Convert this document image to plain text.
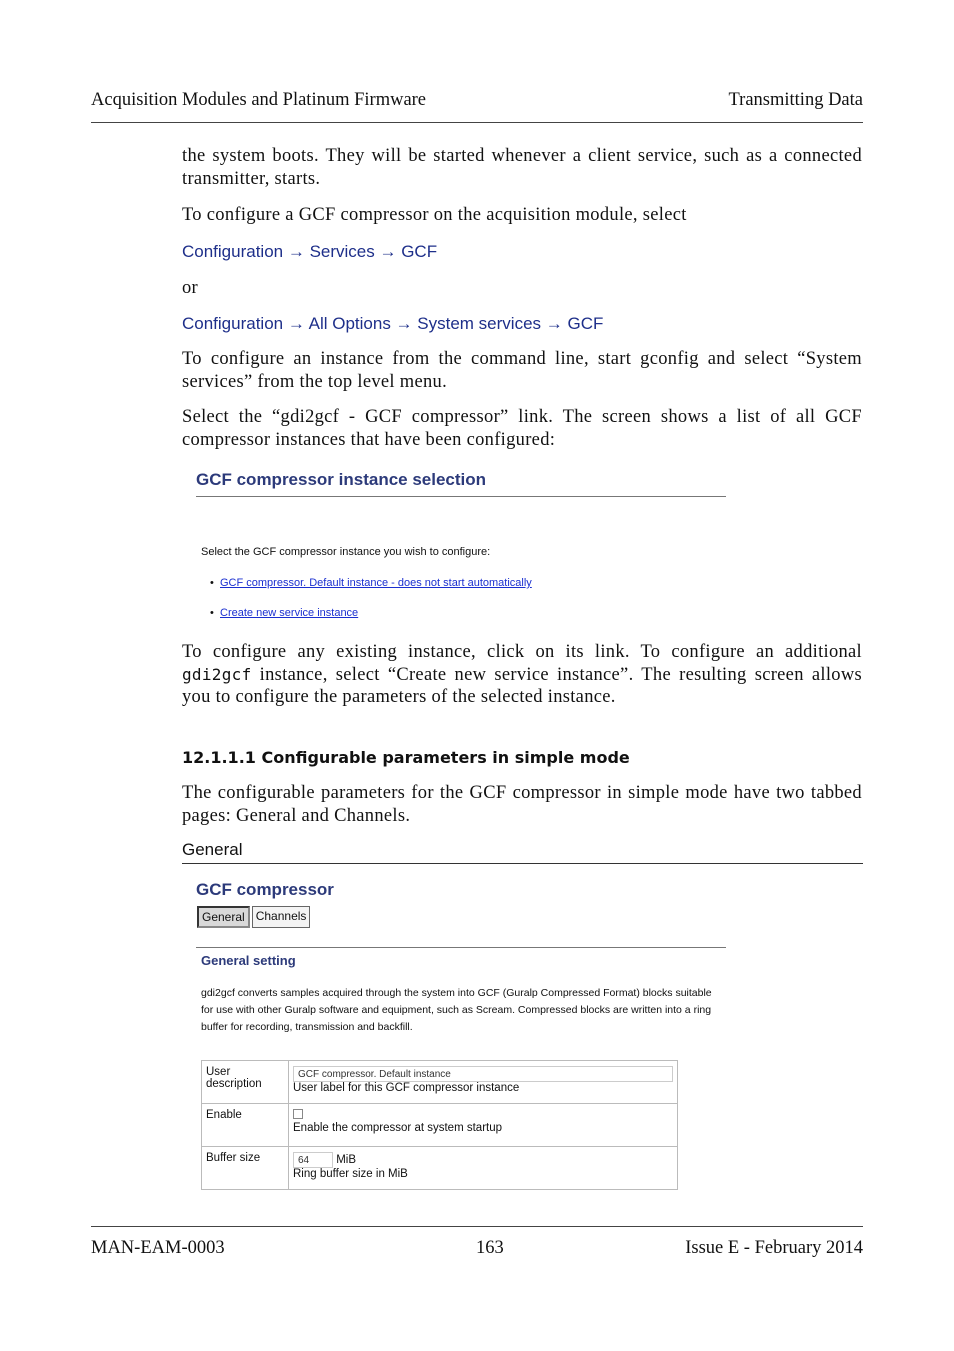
Acquisition Modules and Platinum Firmware	Transmitting Data

the system boots. They will be started whenever a client service, such as a connected transmitter, starts.

To configure a GCF compressor on the acquisition module, select

Configuration → Services → GCF

or

Configuration → All Options → System services → GCF

To configure an instance from the command line, start gconfig and select “System services” from the top level menu.

Select the “gdi2gcf - GCF compressor” link. The screen shows a list of all GCF compressor instances that have been configured:

GCF compressor instance selection
Select the GCF compressor instance you wish to configure:
• GCF compressor. Default instance - does not start automatically
• Create new service instance

To configure any existing instance, click on its link. To configure an additional gdi2gcf instance, select “Create new service instance”. The resulting screen allows you to configure the parameters of the selected instance.

12.1.1.1 Configurable parameters in simple mode

The configurable parameters for the GCF compressor in simple mode have two tabbed pages: General and Channels.

General
GCF compressor
General Channels
General setting
gdi2gcf converts samples acquired through the system into GCF (Guralp Compressed Format) blocks suitable for use with other Guralp software and equipment, such as Scream. Compressed blocks are written into a ring buffer for recording, transmission and backfill.
User description	GCF compressor. Default instance
User label for this GCF compressor instance
Enable	Enable the compressor at system startup
Buffer size	64 MiB
Ring buffer size in MiB
MAN-EAM-0003	163	Issue E - February 2014
